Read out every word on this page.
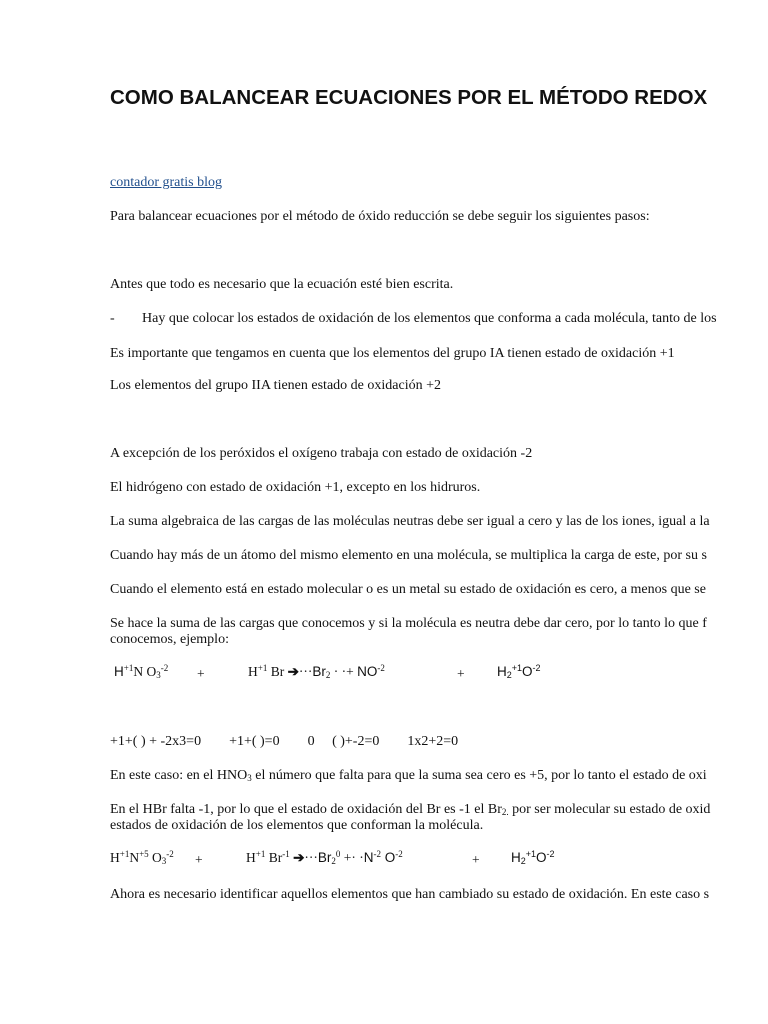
COMO BALANCEAR ECUACIONES POR EL MÉTODO REDOX
contador gratis blog
Para balancear ecuaciones por el método de óxido reducción se debe seguir los siguientes pasos:
Antes que todo es necesario que la ecuación esté bien escrita.
- Hay que colocar los estados de oxidación de los elementos que conforma a cada molécula, tanto de los
Es importante que tengamos en cuenta que los elementos del grupo IA tienen estado de oxidación +1
Los elementos del grupo IIA tienen estado de oxidación +2
A excepción de los peróxidos el oxígeno trabaja con estado de oxidación -2
El hidrógeno con estado de oxidación +1, excepto en los hidruros.
La suma algebraica de las cargas de las moléculas neutras debe ser igual a cero y las de los iones, igual a la
Cuando hay más de un átomo del mismo elemento en una molécula, se multiplica la carga de este, por su s
Cuando el elemento está en estado molecular o es un metal su estado de oxidación es cero, a menos que se
Se hace la suma de las cargas que conocemos y si la molécula es neutra debe dar cero, por lo tanto lo que f
conocemos, ejemplo:
$H^{+1}N$ $O_3^{-2}$ +	$H^{+1}$ Br $➔\cdot\cdot\cdot Br_2$ · ·+ $NO^{-2}$	+ $H_2^{+1}O^{-2}$
+1+( ) + -2x3=0        +1+( )=0        0     ( )+-2=0        1x2+2=0
En este caso: en el $HNO_3$ el número que falta para que la suma sea cero es +5, por lo tanto el estado de oxi
En el HBr falta -1, por lo que el estado de oxidación del Br es -1 el $Br_{2.}$ por ser molecular su estado de oxid
estados de oxidación de los elementos que conforman la molécula.
$H^{+1}N^{+5}$ $O_3^{-2}$ +	$H^{+1}$ $Br^{-1}$ $➔\cdot\cdot\cdot Br_2^0 +\cdot \cdot N^{-2}$ $O^{-2}$	+ $H_2^{+1}O^{-2}$
Ahora es necesario identificar aquellos elementos que han cambiado su estado de oxidación. En este caso s
